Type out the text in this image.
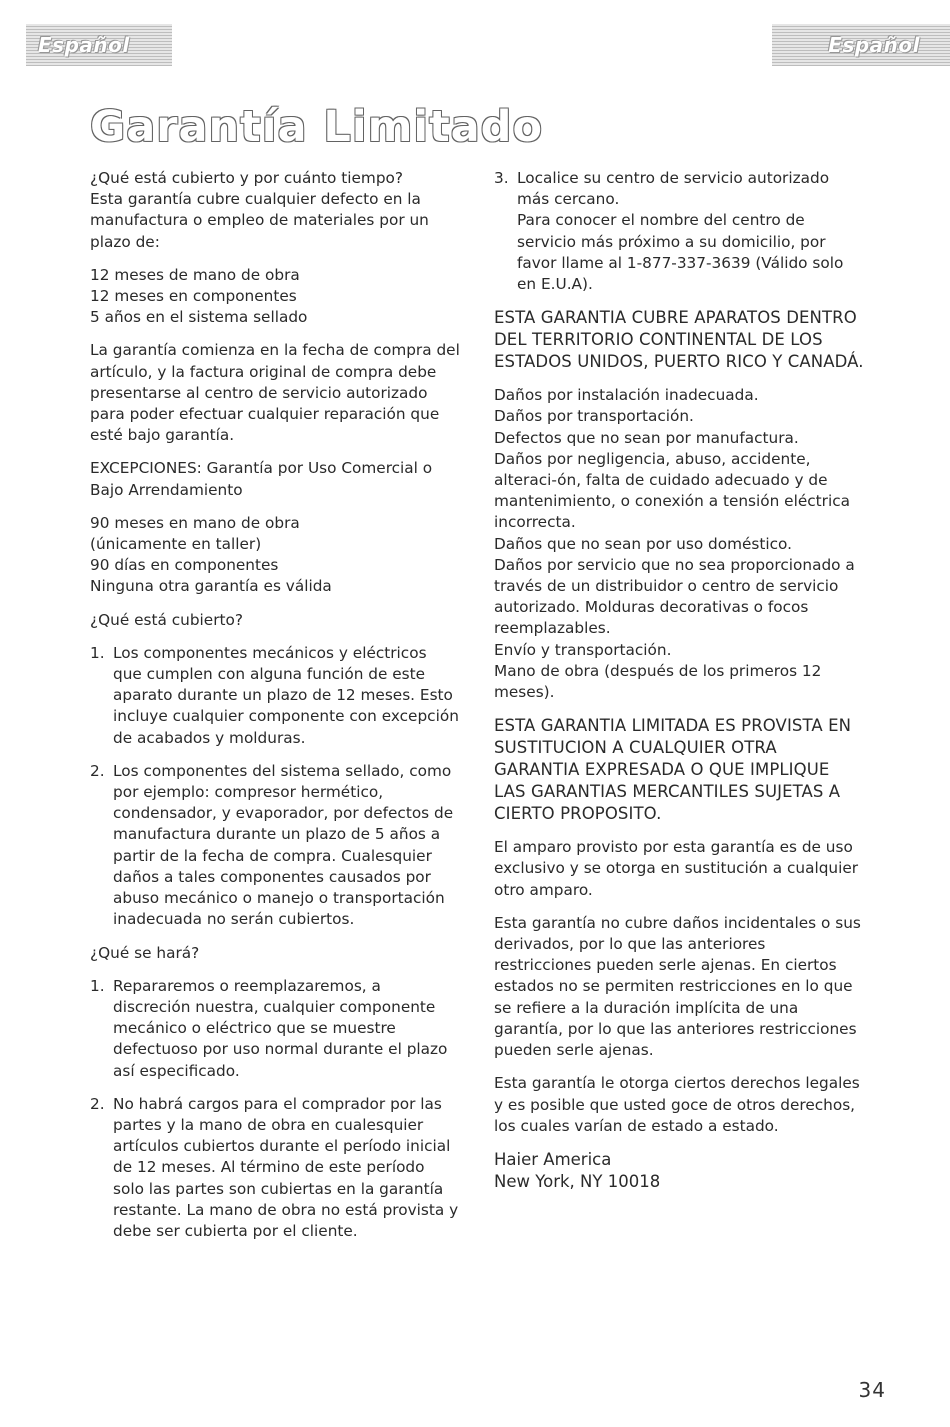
Español	Español
Garantía Limitado

¿Qué está cubierto y por cuánto tiempo?
Esta garantía cubre cualquier defecto en la manufactura o empleo de materiales por un plazo de:

12 meses de mano de obra
12 meses en componentes
5 años en el sistema sellado

La garantía comienza en la fecha de compra del artículo, y la factura original de compra debe presentarse al centro de servicio autorizado para poder efectuar cualquier reparación que esté bajo garantía.

EXCEPCIONES: Garantía por Uso Comercial o Bajo Arrendamiento

90 meses en mano de obra
(únicamente en taller)
90 días en componentes
Ninguna otra garantía es válida

¿Qué está cubierto?

1. Los componentes mecánicos y eléctricos que cumplen con alguna función de este aparato durante un plazo de 12 meses. Esto incluye cualquier componente con excepción de acabados y molduras.
2. Los componentes del sistema sellado, como por ejemplo: compresor hermético, condensador, y evaporador, por defectos de manufactura durante un plazo de 5 años a partir de la fecha de compra. Cualesquier daños a tales componentes causados por abuso mecánico o manejo o transportación inadecuada no serán cubiertos.

¿Qué se hará?

1. Repararemos o reemplazaremos, a discreción nuestra, cualquier componente mecánico o eléctrico que se muestre defectuoso por uso normal durante el plazo así especificado.
2. No habrá cargos para el comprador por las partes y la mano de obra en cualesquier artículos cubiertos durante el período inicial de 12 meses. Al término de este período solo las partes son cubiertas en la garantía restante. La mano de obra no está provista y debe ser cubierta por el cliente.
3. Localice su centro de servicio autorizado más cercano.
Para conocer el nombre del centro de servicio más próximo a su domicilio, por favor llame al 1-877-337-3639 (Válido solo en E.U.A).

ESTA GARANTIA CUBRE APARATOS DENTRO DEL TERRITORIO CONTINENTAL DE LOS ESTADOS UNIDOS, PUERTO RICO Y CANADÁ.

Daños por instalación inadecuada.
Daños por transportación.
Defectos que no sean por manufactura.
Daños por negligencia, abuso, accidente, alteraci-ón, falta de cuidado adecuado y de mantenimiento, o conexión a tensión eléctrica incorrecta.
Daños que no sean por uso doméstico.
Daños por servicio que no sea proporcionado a través de un distribuidor o centro de servicio autorizado. Molduras decorativas o focos reemplazables.
Envío y transportación.
Mano de obra (después de los primeros 12 meses).

ESTA GARANTIA LIMITADA ES PROVISTA EN SUSTITUCION A CUALQUIER OTRA GARANTIA EXPRESADA O QUE IMPLIQUE LAS GARANTIAS MERCANTILES SUJETAS A CIERTO PROPOSITO.

El amparo provisto por esta garantía es de uso exclusivo y se otorga en sustitución a cualquier otro amparo.

Esta garantía no cubre daños incidentales o sus derivados, por lo que las anteriores restricciones pueden serle ajenas. En ciertos estados no se permiten restricciones en lo que se refiere a la duración implícita de una garantía, por lo que las anteriores restricciones pueden serle ajenas.

Esta garantía le otorga ciertos derechos legales y es posible que usted goce de otros derechos, los cuales varían de estado a estado.

Haier America
New York, NY 10018

34
